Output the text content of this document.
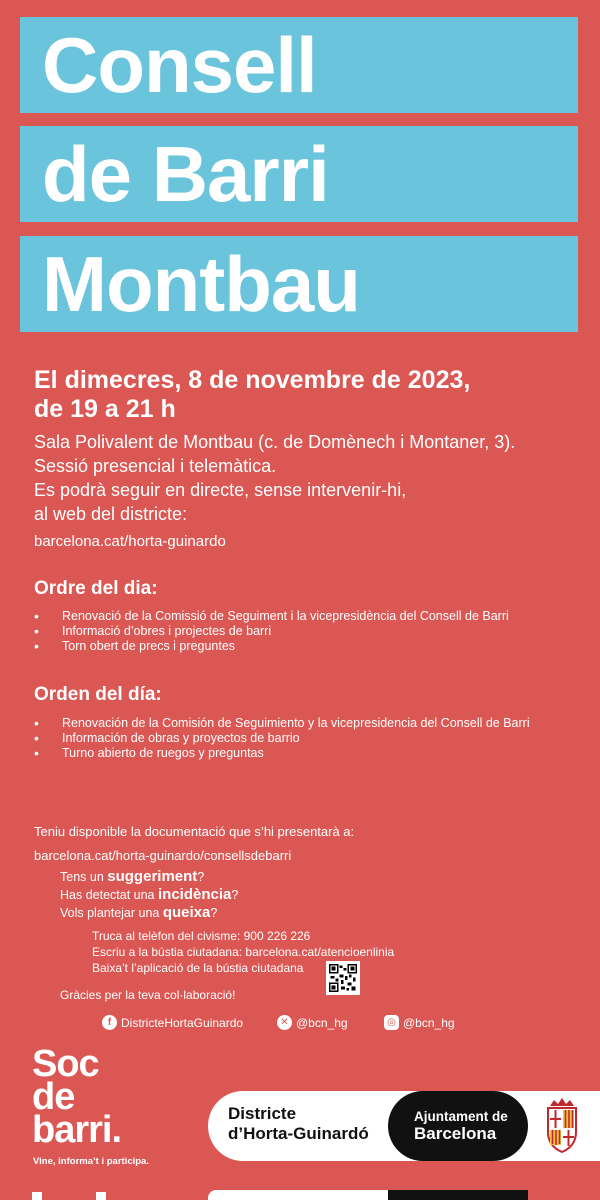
Consell
de Barri
Montbau
El dimecres, 8 de novembre de 2023,
de 19 a 21 h
Sala Polivalent de Montbau (c. de Domènech i Montaner, 3).
Sessió presencial i telemàtica.
Es podrà seguir en directe, sense intervenir-hi,
al web del districte:
barcelona.cat/horta-guinardo
Ordre del dia:
• Renovació de la Comissió de Seguiment i la vicepresidència del Consell de Barri
• Informació d’obres i projectes de barri
• Torn obert de precs i preguntes
Orden del día:
• Renovación de la Comisión de Seguimiento y la vicepresidencia del Consell de Barri
• Información de obras y proyectos de barrio
• Turno abierto de ruegos y preguntas
Teniu disponible la documentació que s’hi presentarà a:
barcelona.cat/horta-guinardo/consellsdebarri
Tens un suggeriment?
Has detectat una incidència?
Vols plantejar una queixa?
Truca al telèfon del civisme: 900 226 226
Escriu a la bústia ciutadana: barcelona.cat/atencioenlinia
Baixa’t l’aplicació de la bústia ciutadana
Gràcies per la teva col·laboració!
f DistricteHortaGuinardo	✕ @bcn_hg	◎ @bcn_hg
Soc
de
barri.
Vine, informa’t i participa.
Districte
d’Horta-Guinardó
Ajuntament de
Barcelona
